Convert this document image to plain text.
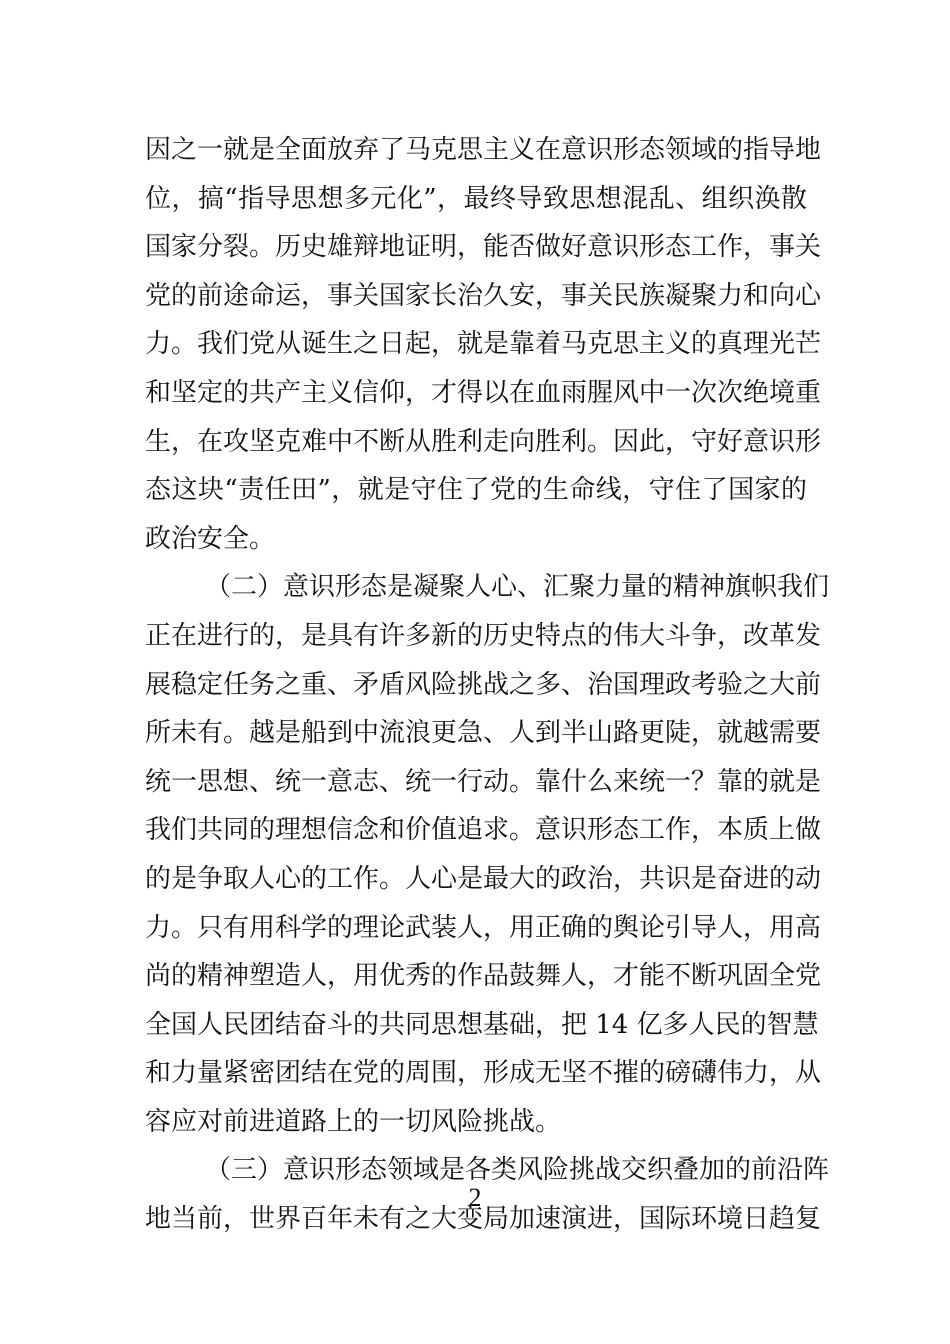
因之一就是全面放弃了马克思主义在意识形态领域的指导地
位，搞“指导思想多元化”，最终导致思想混乱、组织涣散
国家分裂。历史雄辩地证明，能否做好意识形态工作，事关
党的前途命运，事关国家长治久安，事关民族凝聚力和向心
力。我们党从诞生之日起，就是靠着马克思主义的真理光芒
和坚定的共产主义信仰，才得以在血雨腥风中一次次绝境重
生，在攻坚克难中不断从胜利走向胜利。因此，守好意识形
态这块“责任田”，就是守住了党的生命线，守住了国家的
政治安全。
（二）意识形态是凝聚人心、汇聚力量的精神旗帜我们
正在进行的，是具有许多新的历史特点的伟大斗争，改革发
展稳定任务之重、矛盾风险挑战之多、治国理政考验之大前
所未有。越是船到中流浪更急、人到半山路更陡，就越需要
统一思想、统一意志、统一行动。靠什么来统一？靠的就是
我们共同的理想信念和价值追求。意识形态工作，本质上做
的是争取人心的工作。人心是最大的政治，共识是奋进的动
力。只有用科学的理论武装人，用正确的舆论引导人，用高
尚的精神塑造人，用优秀的作品鼓舞人，才能不断巩固全党
全国人民团结奋斗的共同思想基础，把 14 亿多人民的智慧
和力量紧密团结在党的周围，形成无坚不摧的磅礴伟力，从
容应对前进道路上的一切风险挑战。
（三）意识形态领域是各类风险挑战交织叠加的前沿阵
地当前，世界百年未有之大变局加速演进，国际环境日趋复
2
